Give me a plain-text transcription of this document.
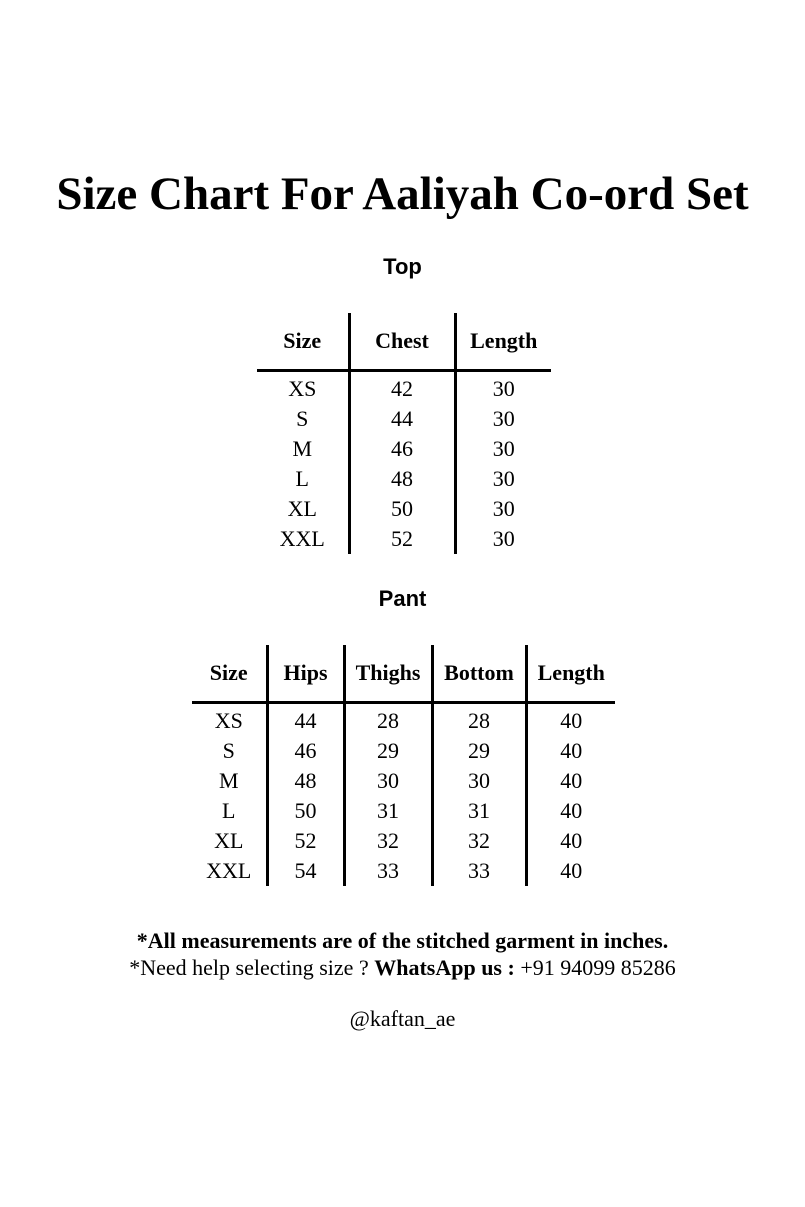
Size Chart For Aaliyah Co-ord Set
Top
Size	Chest	Length
XS	42	30
S	44	30
M	46	30
L	48	30
XL	50	30
XXL	52	30
Pant
Size	Hips	Thighs	Bottom	Length
XS	44	28	28	40
S	46	29	29	40
M	48	30	30	40
L	50	31	31	40
XL	52	32	32	40
XXL	54	33	33	40
*All measurements are of the stitched garment in inches.
*Need help selecting size ? WhatsApp us : +91 94099 85286
@kaftan_ae
